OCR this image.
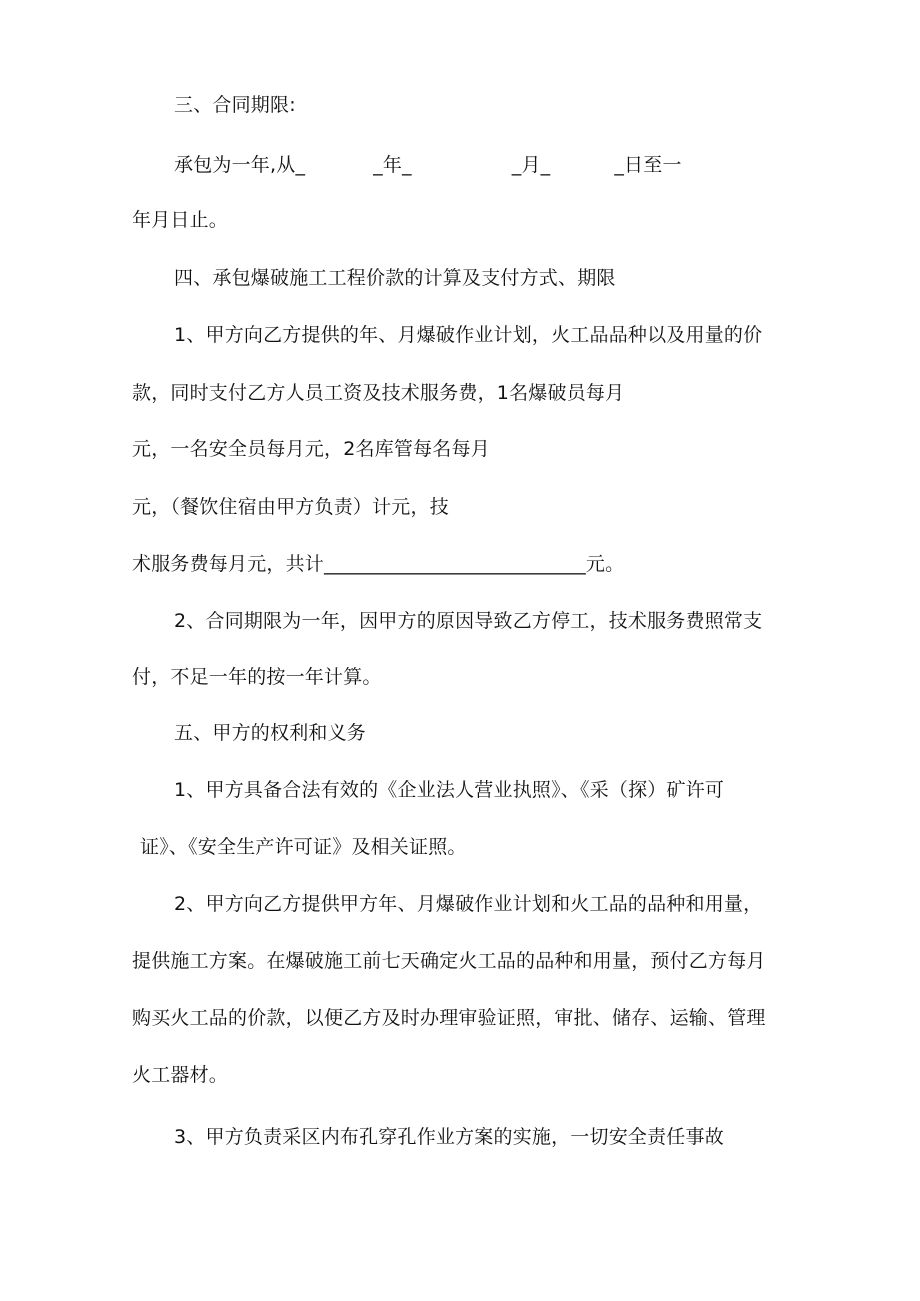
三、合同期限:
承包为一年,从_	_年_	_月_	_日至一
年月日止。
四、承包爆破施工工程价款的计算及支付方式、期限
1、甲方向乙方提供的年、月爆破作业计划，火工品品种以及用量的价
款，同时支付乙方人员工资及技术服务费，1名爆破员每月
元，一名安全员每月元，2名库管每名每月
元，（餐饮住宿由甲方负责）计元，技
术服务费每月元，共计___________________________元。
2、合同期限为一年，因甲方的原因导致乙方停工，技术服务费照常支
付，不足一年的按一年计算。
五、甲方的权利和义务
1、甲方具备合法有效的《企业法人营业执照》、《采（探）矿许可
证》、《安全生产许可证》及相关证照。
2、甲方向乙方提供甲方年、月爆破作业计划和火工品的品种和用量，
提供施工方案。在爆破施工前七天确定火工品的品种和用量，预付乙方每月
购买火工品的价款，以便乙方及时办理审验证照，审批、储存、运输、管理
火工器材。
3、甲方负责采区内布孔穿孔作业方案的实施，一切安全责任事故
